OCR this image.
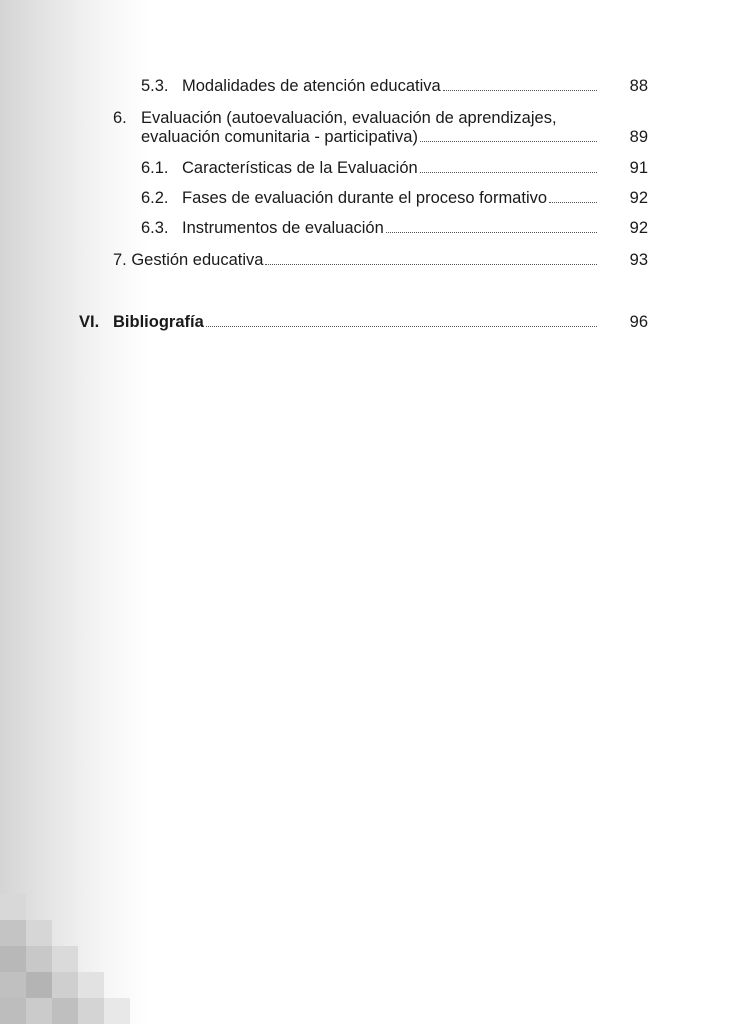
5.3. Modalidades de atención educativa	88
6. Evaluación (autoevaluación, evaluación de aprendizajes,
evaluación comunitaria - participativa)	89
6.1. Características de la Evaluación	91
6.2. Fases de evaluación durante el proceso formativo	92
6.3. Instrumentos de evaluación	92
7. Gestión educativa	93
VI. Bibliografía	96
